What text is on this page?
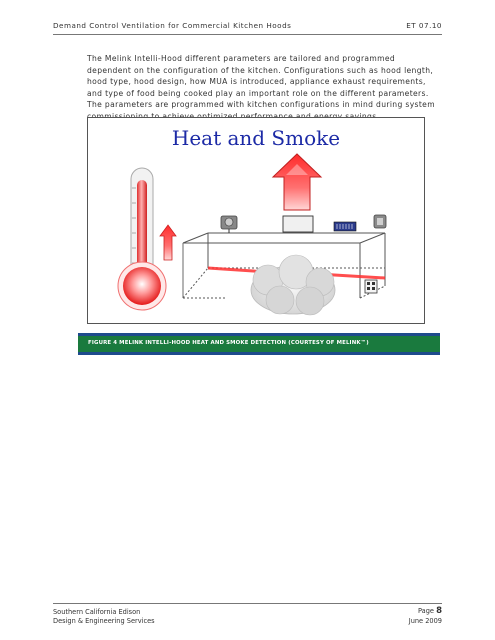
Demand Control Ventilation for Commercial Kitchen Hoods	ET 07.10

The Melink Intelli-Hood different parameters are tailored and programmed dependent on the configuration of the kitchen. Configurations such as hood length, hood type, hood design, how MUA is introduced, appliance exhaust requirements, and type of food being cooked play an important role on the different parameters. The parameters are programmed with kitchen configurations in mind during system

Heat and Smoke
FIGURE 4 MELINK INTELLI-HOOD HEAT AND SMOKE DETECTION (COURTESY OF MELINK™)
Southern California Edison
Design & Engineering Services
Page 8
June 2009
